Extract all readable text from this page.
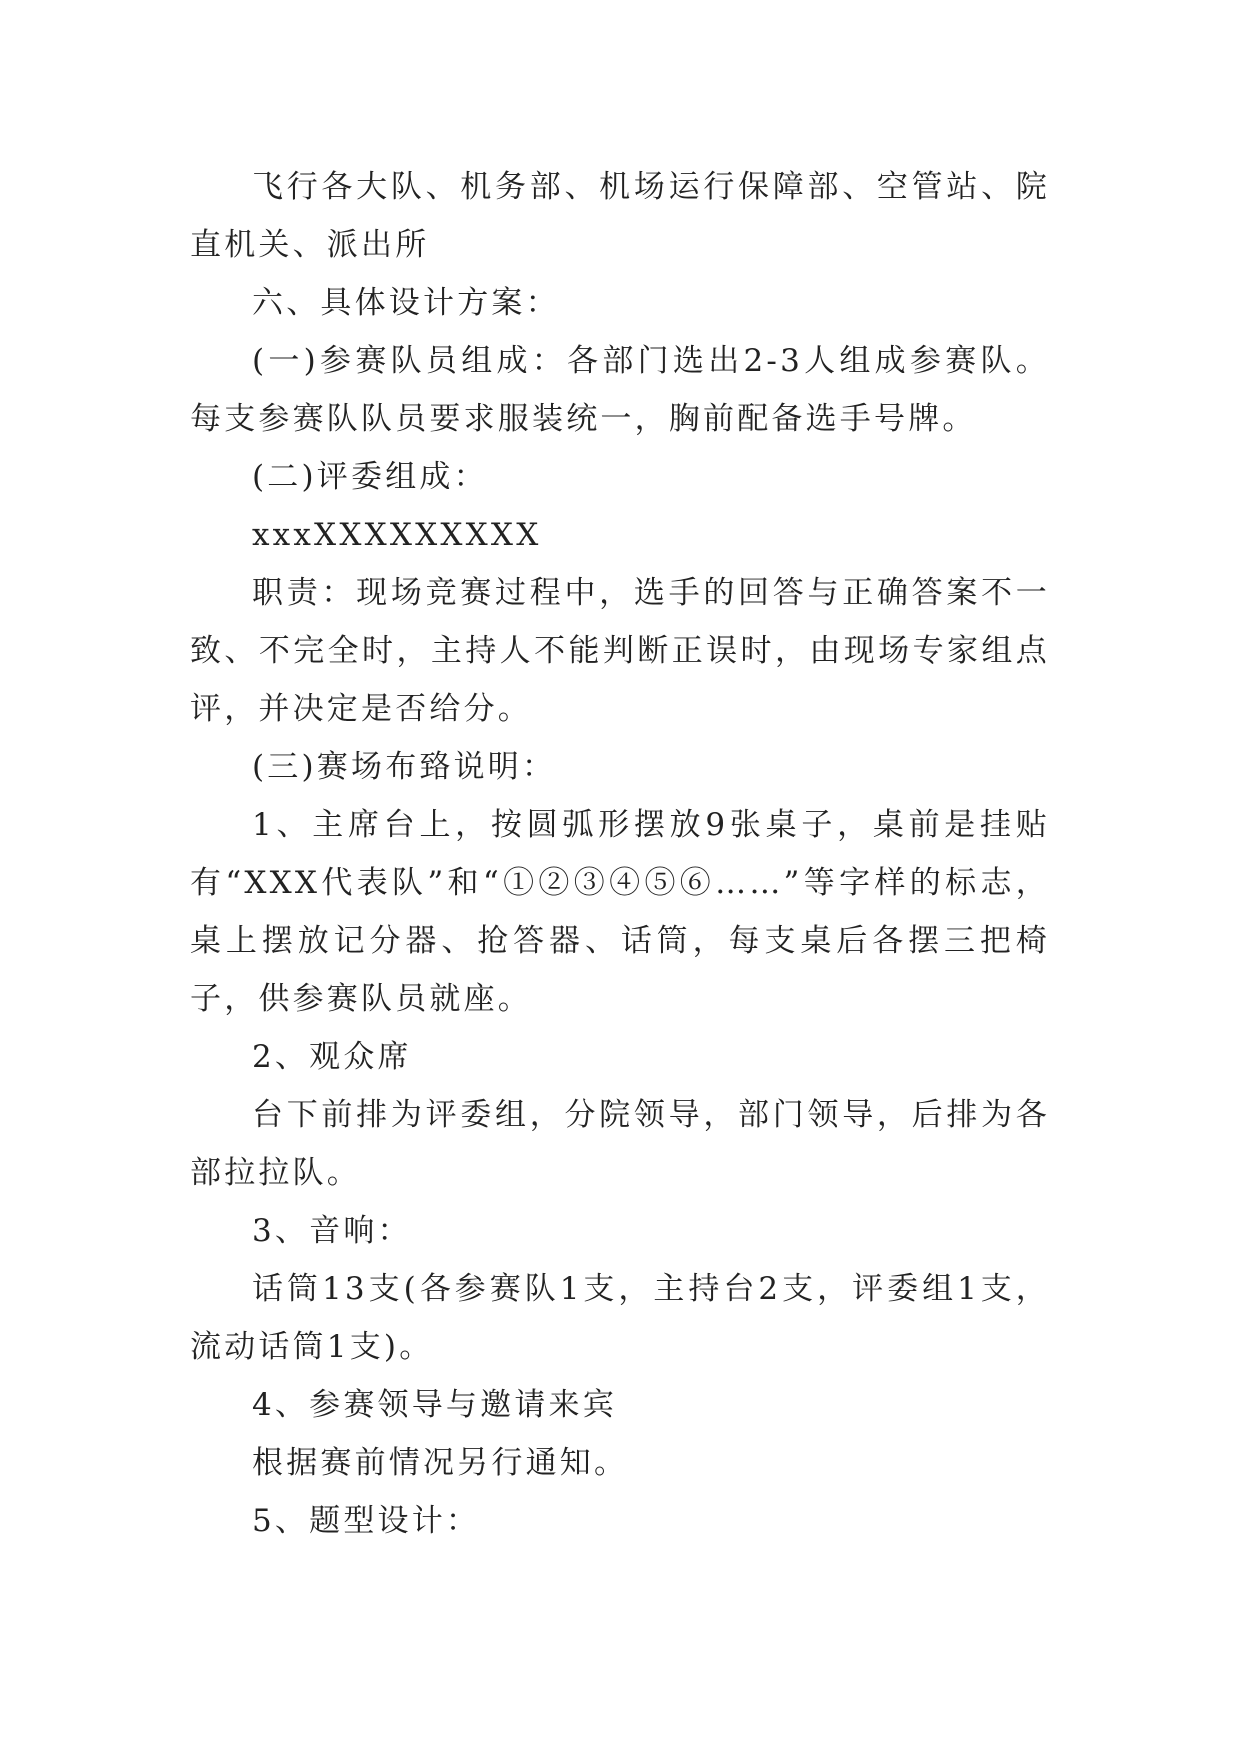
飞行各大队、机务部、机场运行保障部、空管站、院直机关、派出所

六、具体设计方案：

(一)参赛队员组成：各部门选出2-3人组成参赛队。每支参赛队队员要求服装统一，胸前配备选手号牌。

(二)评委组成：

xxxXXXXXXXXX

职责：现场竞赛过程中，选手的回答与正确答案不一致、不完全时，主持人不能判断正误时，由现场专家组点评，并决定是否给分。

(三)赛场布臵说明：

1、主席台上，按圆弧形摆放9张桌子，桌前是挂贴有“XXX代表队”和“①②③④⑤⑥……”等字样的标志，桌上摆放记分器、抢答器、话筒，每支桌后各摆三把椅子，供参赛队员就座。

2、观众席

台下前排为评委组，分院领导，部门领导，后排为各部拉拉队。

3、音响：

话筒13支(各参赛队1支，主持台2支，评委组1支，流动话筒1支)。

4、参赛领导与邀请来宾

根据赛前情况另行通知。

5、题型设计：
